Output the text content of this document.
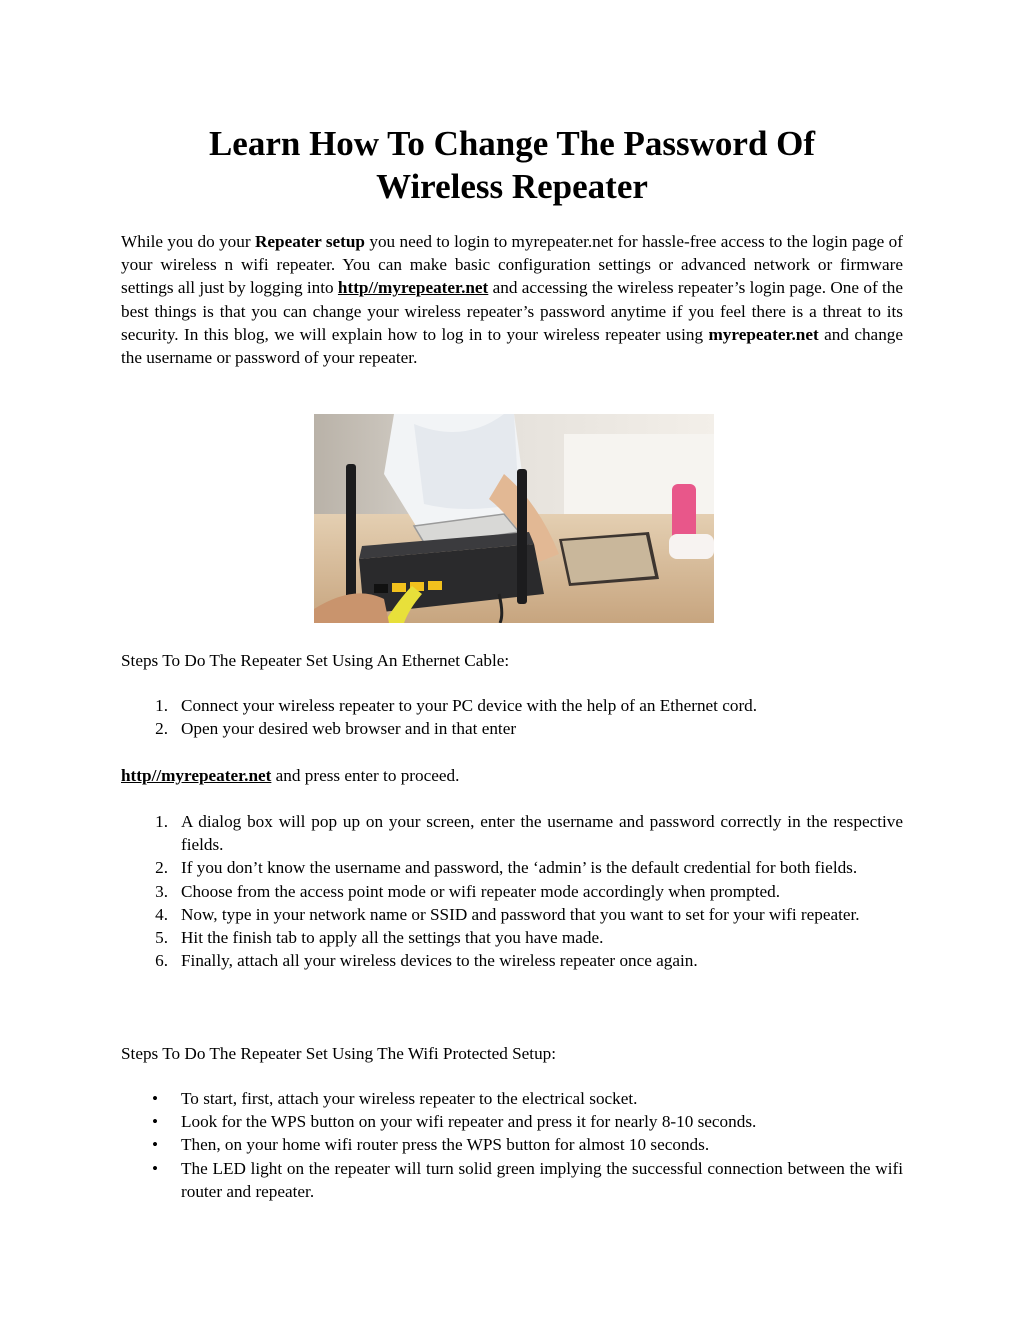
Learn How To Change The Password Of
Wireless Repeater

While you do your Repeater setup you need to login to myrepeater.net for hassle-free access to the login page of your wireless n wifi repeater. You can make basic configuration settings or advanced network or firmware settings all just by logging into http//myrepeater.net and accessing the wireless repeater’s login page. One of the best things is that you can change your wireless repeater’s password anytime if you feel there is a threat to its security. In this blog, we will explain how to log in to your wireless repeater using myrepeater.net and change the username or password of your repeater.

Steps To Do The Repeater Set Using An Ethernet Cable:

1. Connect your wireless repeater to your PC device with the help of an Ethernet cord.
2. Open your desired web browser and in that enter

http//myrepeater.net and press enter to proceed.

1. A dialog box will pop up on your screen, enter the username and password correctly in the respective fields.
2. If you don’t know the username and password, the ‘admin’ is the default credential for both fields.
3. Choose from the access point mode or wifi repeater mode accordingly when prompted.
4. Now, type in your network name or SSID and password that you want to set for your wifi repeater.
5. Hit the finish tab to apply all the settings that you have made.
6. Finally, attach all your wireless devices to the wireless repeater once again.

Steps To Do The Repeater Set Using The Wifi Protected Setup:

• To start, first, attach your wireless repeater to the electrical socket.
• Look for the WPS button on your wifi repeater and press it for nearly 8-10 seconds.
• Then, on your home wifi router press the WPS button for almost 10 seconds.
• The LED light on the repeater will turn solid green implying the successful connection between the wifi router and repeater.
